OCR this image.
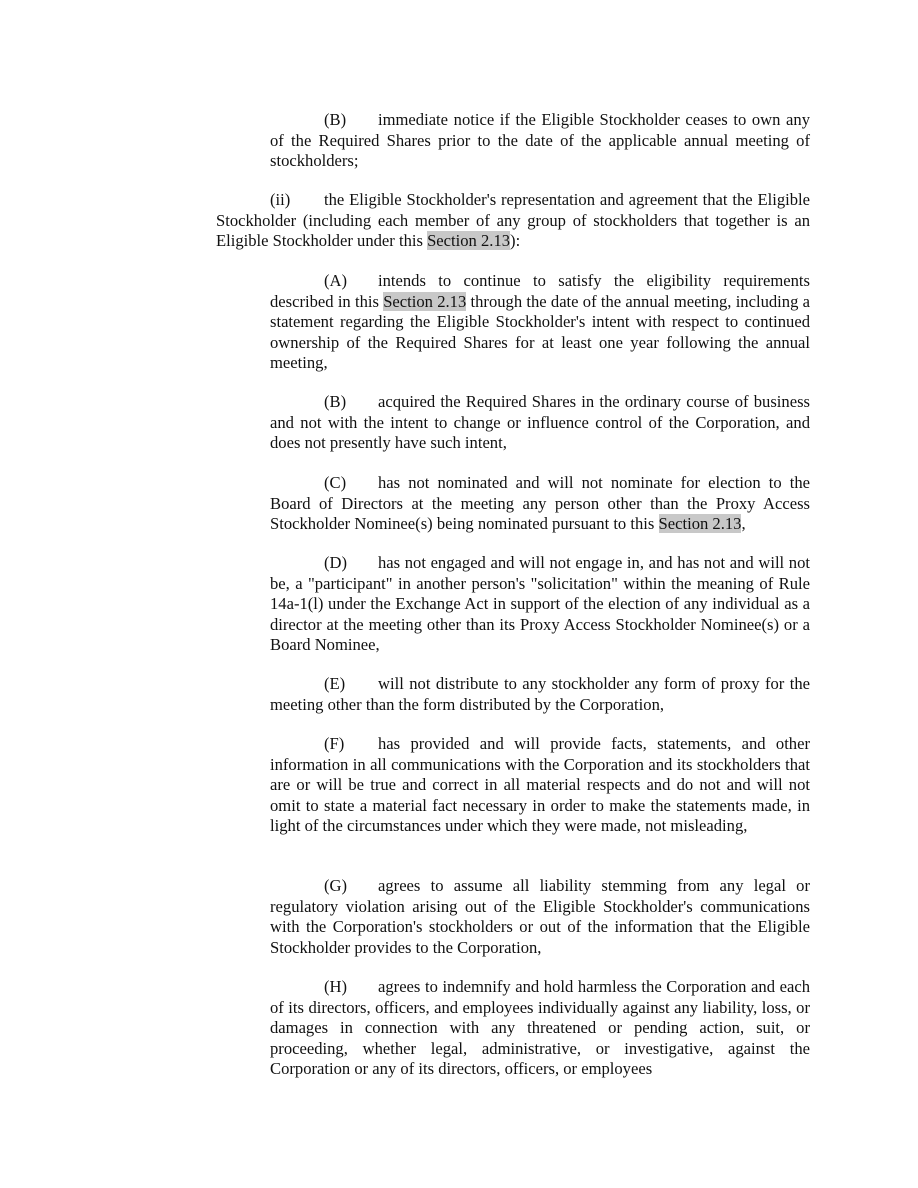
(B) immediate notice if the Eligible Stockholder ceases to own any of the Required Shares prior to the date of the applicable annual meeting of stockholders;

(ii) the Eligible Stockholder's representation and agreement that the Eligible Stockholder (including each member of any group of stockholders that together is an Eligible Stockholder under this Section 2.13):

(A) intends to continue to satisfy the eligibility requirements described in this Section 2.13 through the date of the annual meeting, including a statement regarding the Eligible Stockholder's intent with respect to continued ownership of the Required Shares for at least one year following the annual meeting,

(B) acquired the Required Shares in the ordinary course of business and not with the intent to change or influence control of the Corporation, and does not presently have such intent,

(C) has not nominated and will not nominate for election to the Board of Directors at the meeting any person other than the Proxy Access Stockholder Nominee(s) being nominated pursuant to this Section 2.13,

(D) has not engaged and will not engage in, and has not and will not be, a "participant" in another person's "solicitation" within the meaning of Rule 14a-1(l) under the Exchange Act in support of the election of any individual as a director at the meeting other than its Proxy Access Stockholder Nominee(s) or a Board Nominee,

(E) will not distribute to any stockholder any form of proxy for the meeting other than the form distributed by the Corporation,

(F) has provided and will provide facts, statements, and other information in all communications with the Corporation and its stockholders that are or will be true and correct in all material respects and do not and will not omit to state a material fact necessary in order to make the statements made, in light of the circumstances under which they were made, not misleading,

(G) agrees to assume all liability stemming from any legal or regulatory violation arising out of the Eligible Stockholder's communications with the Corporation's stockholders or out of the information that the Eligible Stockholder provides to the Corporation,

(H) agrees to indemnify and hold harmless the Corporation and each of its directors, officers, and employees individually against any liability, loss, or damages in connection with any threatened or pending action, suit, or proceeding, whether legal, administrative, or investigative, against the Corporation or any of its directors, officers, or employees
